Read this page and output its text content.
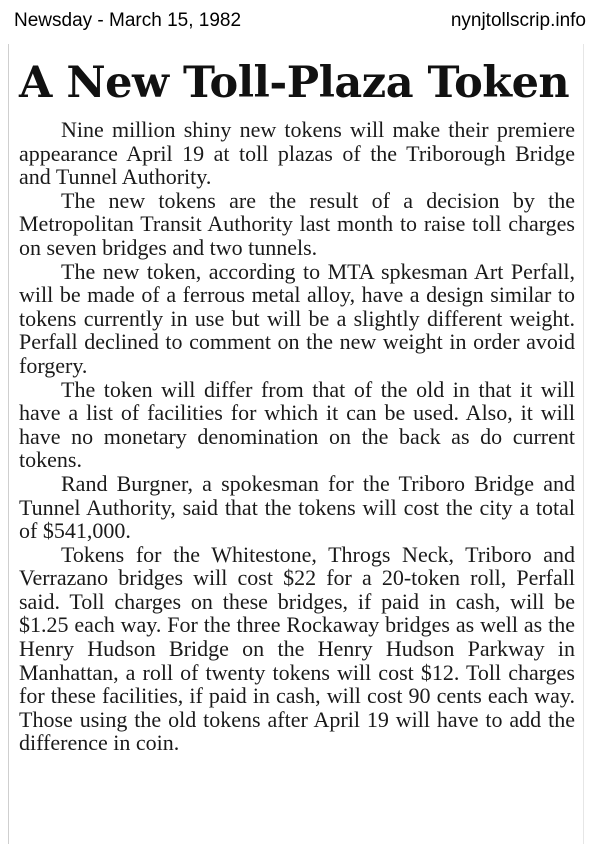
Newsday - March 15, 1982	nynjtollscrip.info
A New Toll-Plaza Token

Nine million shiny new tokens will make their premiere appearance April 19 at toll plazas of the Triborough Bridge and Tunnel Authority.

The new tokens are the result of a decision by the Metropolitan Transit Authority last month to raise toll charges on seven bridges and two tunnels.

The new token, according to MTA spkesman Art Perfall, will be made of a ferrous metal alloy, have a design similar to tokens currently in use but will be a slightly different weight. Perfall declined to comment on the new weight in order avoid forgery.

The token will differ from that of the old in that it will have a list of facilities for which it can be used. Also, it will have no monetary denomination on the back as do current tokens.

Rand Burgner, a spokesman for the Triboro Bridge and Tunnel Authority, said that the tokens will cost the city a total of $541,000.

Tokens for the Whitestone, Throgs Neck, Triboro and Verrazano bridges will cost $22 for a 20-token roll, Perfall said. Toll charges on these bridges, if paid in cash, will be $1.25 each way. For the three Rockaway bridges as well as the Henry Hudson Bridge on the Henry Hudson Parkway in Manhattan, a roll of twenty tokens will cost $12. Toll charges for these facilities, if paid in cash, will cost 90 cents each way. Those using the old tokens after April 19 will have to add the difference in coin.
